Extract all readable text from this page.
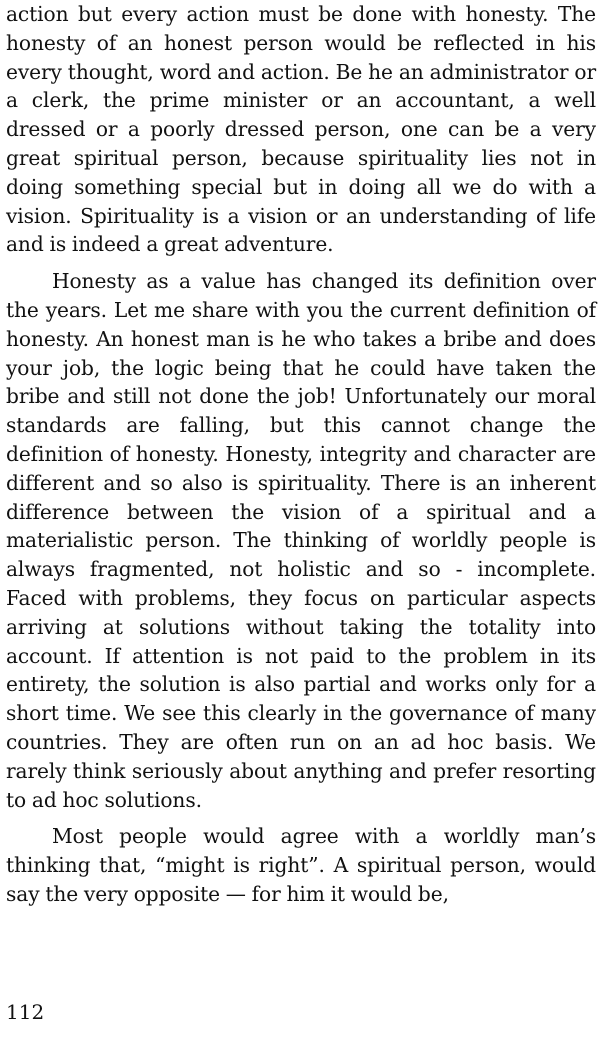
action but every action must be done with honesty. The honesty of an honest person would be reflected in his every thought, word and action. Be he an administrator or a clerk, the prime minister or an accountant, a well dressed or a poorly dressed person, one can be a very great spiritual person, because spirituality lies not in doing something special but in doing all we do with a vision. Spirituality is a vision or an understanding of life and is indeed a great adventure.

Honesty as a value has changed its definition over the years. Let me share with you the current definition of honesty. An honest man is he who takes a bribe and does your job, the logic being that he could have taken the bribe and still not done the job! Unfortunately our moral standards are falling, but this cannot change the definition of honesty. Honesty, integrity and character are different and so also is spirituality. There is an inherent difference between the vision of a spiritual and a materialistic person. The thinking of worldly people is always fragmented, not holistic and so - incomplete. Faced with problems, they focus on particular aspects arriving at solutions without taking the totality into account. If attention is not paid to the problem in its entirety, the solution is also partial and works only for a short time. We see this clearly in the governance of many countries. They are often run on an ad hoc basis. We rarely think seriously about anything and prefer resorting to ad hoc solutions.

Most people would agree with a worldly man’s thinking that, “might is right”. A spiritual person, would say the very opposite — for him it would be,

112
